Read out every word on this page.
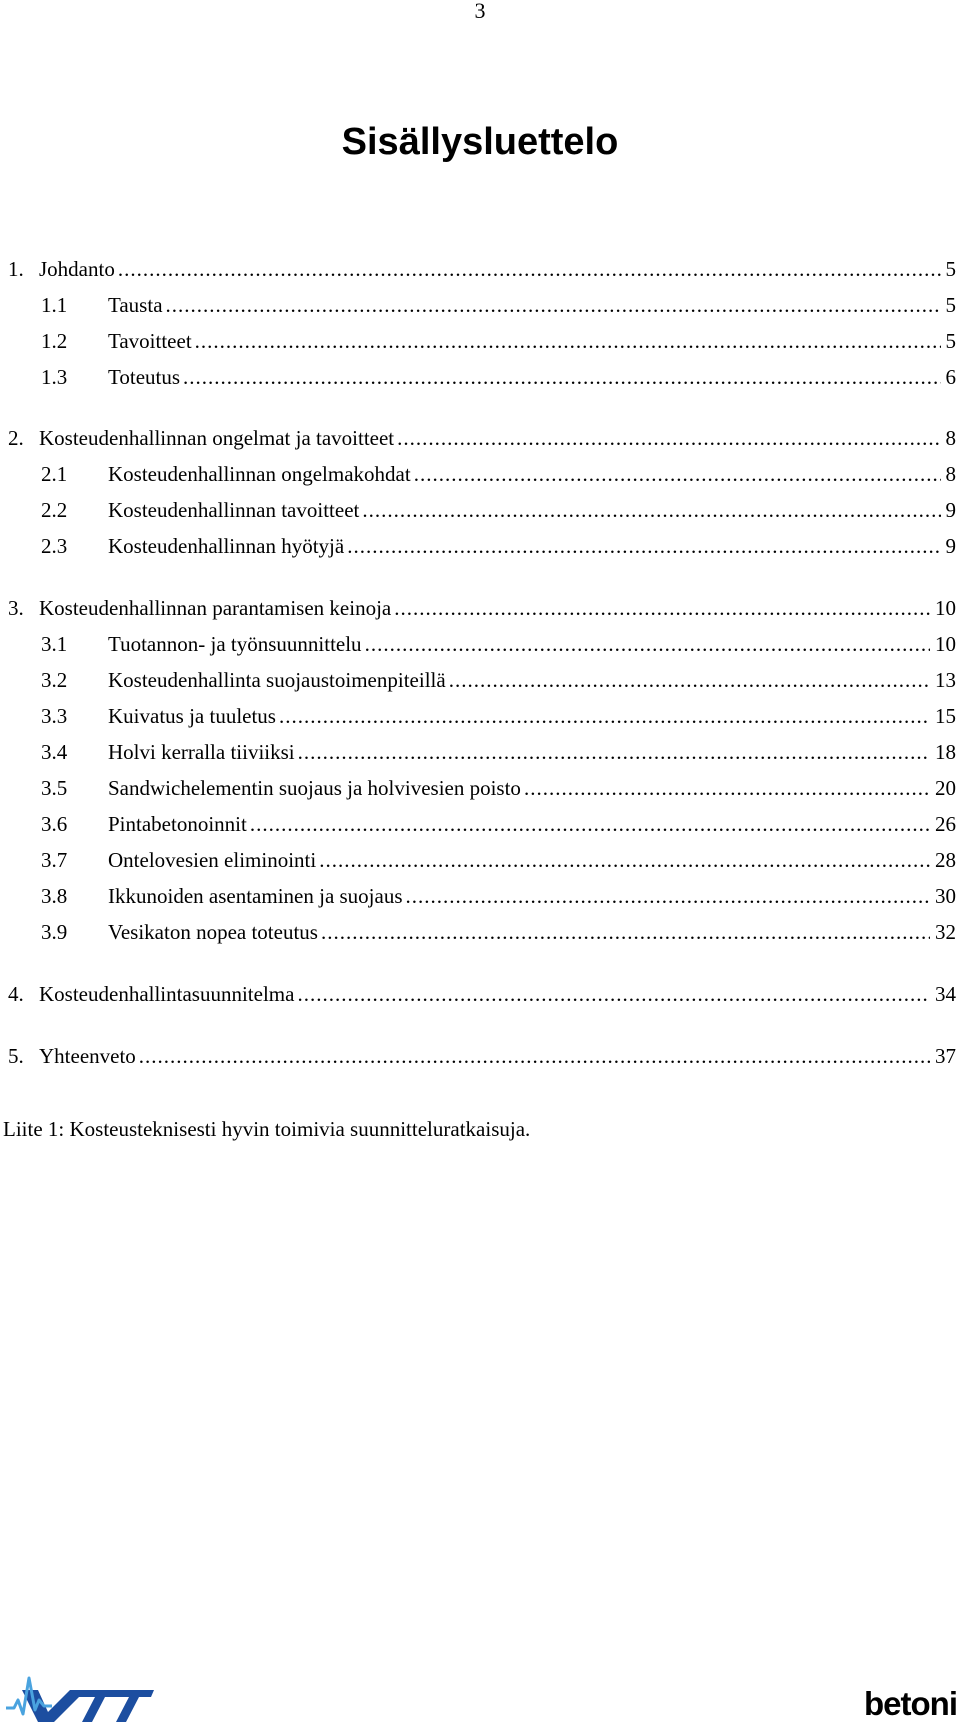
3
Sisällysluettelo
1. Johdanto .....	5
1.1	Tausta .....	5
1.2	Tavoitteet .....	5
1.3	Toteutus .....	6
2. Kosteudenhallinnan ongelmat ja tavoitteet .....	8
2.1	Kosteudenhallinnan ongelmakohdat .....	8
2.2	Kosteudenhallinnan tavoitteet .....	9
2.3	Kosteudenhallinnan hyötyjä .....	9
3. Kosteudenhallinnan parantamisen keinoja .....	10
3.1	Tuotannon- ja työnsuunnittelu .....	10
3.2	Kosteudenhallinta suojaustoimenpiteillä .....	13
3.3	Kuivatus ja tuuletus .....	15
3.4	Holvi kerralla tiiviiksi .....	18
3.5	Sandwichelementin suojaus ja holvivesien poisto .....	20
3.6	Pintabetonoinnit .....	26
3.7	Ontelovesien eliminointi .....	28
3.8	Ikkunoiden asentaminen ja suojaus .....	30
3.9	Vesikaton nopea toteutus .....	32
4. Kosteudenhallintasuunnitelma .....	34
5. Yhteenveto .....	37
Liite 1: Kosteusteknisesti hyvin toimivia suunnitteluratkaisuja.
betoni
